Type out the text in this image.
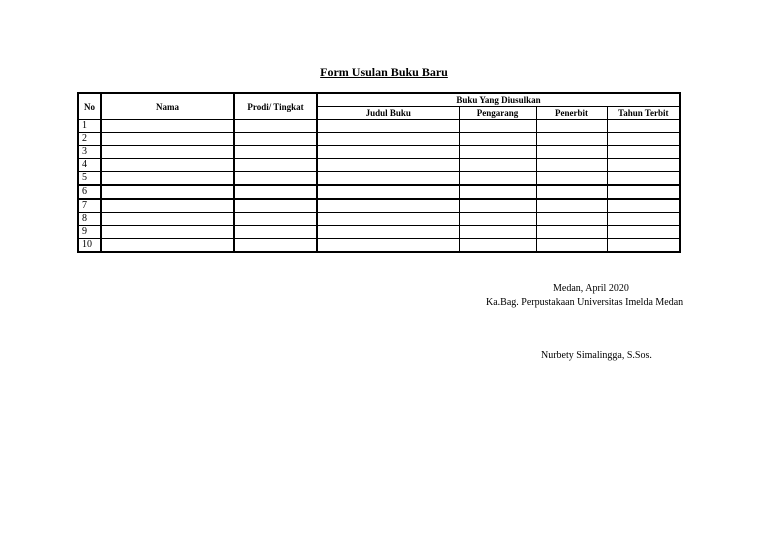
Form Usulan Buku Baru
No	Nama	Prodi/ Tingkat	Buku Yang Diusulkan			
			Judul Buku	Pengarang	Penerbit	Tahun Terbit
1						
2						
3						
4						
5						
6						
7						
8						
9						
10						
Medan, April 2020
Ka.Bag. Perpustakaan Universitas Imelda Medan
Nurbety Simalingga, S.Sos.
